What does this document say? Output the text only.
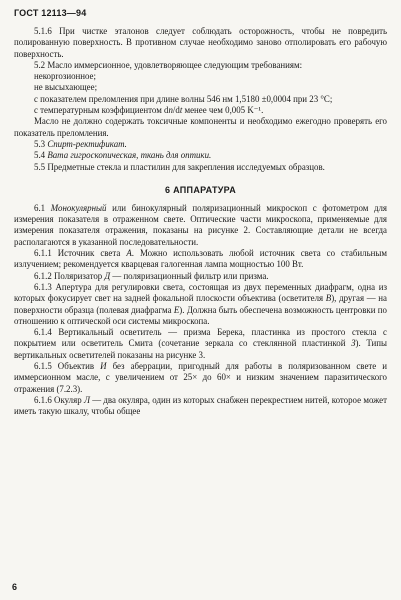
ГОСТ 12113—94

5.1.6 При чистке эталонов следует соблюдать осторожность, чтобы не повредить полированную поверхность. В противном случае необходимо заново отполировать его рабочую поверхность.

5.2 Масло иммерсионное, удовлетворяющее следующим требованиям:

некорrозионное;

не высыхающее;

с показателем преломления при длине волны 546 нм 1,5180 ±0,0004 при 23 °C;

с температурным коэффициентом dn/dt менее чем 0,005 K⁻¹.

Масло не должно содержать токсичные компоненты и необходимо ежегодно проверять его показатель преломления.

5.3 Спирт-ректификат.

5.4 Вата гигроскопическая, ткань для оптики.

5.5 Предметные стекла и пластилин для закрепления исследуемых образцов.

6 АППАРАТУРА

6.1 Монокулярный или бинокулярный поляризационный микроскоп с фотометром для измерения показателя в отраженном свете. Оптические части микроскопа, применяемые для измерения показателя отражения, показаны на рисунке 2. Составляющие детали не всегда располагаются в указанной последовательности.

6.1.1 Источник света А. Можно использовать любой источник света со стабильным излучением; рекомендуется кварцевая галогенная лампа мощностью 100 Вт.

6.1.2 Поляризатор Д — поляризационный фильтр или призма.

6.1.3 Апертура для регулировки света, состоящая из двух переменных диафрагм, одна из которых фокусирует свет на задней фокальной плоскости объектива (осветителя В), другая — на поверхности образца (полевая диафрагма Е). Должна быть обеспечена возможность центровки по отношению к оптической оси системы микроскопа.

6.1.4 Вертикальный осветитель — призма Берека, пластинка из простого стекла с покрытием или осветитель Смита (сочетание зеркала со стеклянной пластинкой З). Типы вертикальных осветителей показаны на рисунке 3.

6.1.5 Объектив И без аберрации, пригодный для работы в поляризованном свете и иммерсионном масле, с увеличением от 25× до 60× и низким значением паразитического отражения (7.2.3).

6.1.6 Окуляр Л — два окуляра, один из которых снабжен перекрестием нитей, которое может иметь такую шкалу, чтобы общее

6
